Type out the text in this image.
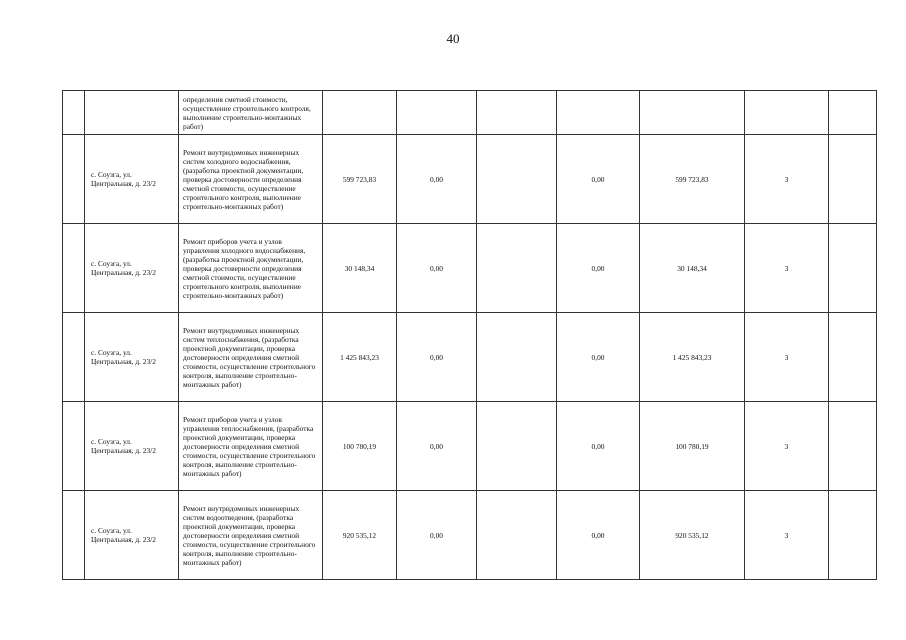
40
		определения сметной стоимости, осуществление строительного контроля, выполнение строительно-монтажных работ)							
	с. Соузга, ул. Центральная, д. 23/2	Ремонт внутридомовых инженерных систем холодного водоснабжения, (разработка проектной документации, проверка достоверности определения сметной стоимости, осуществление строительного контроля, выполнение строительно-монтажных работ)	599 723,83	0,00		0,00	599 723,83	3	
	с. Соузга, ул. Центральная, д. 23/2	Ремонт приборов учета и узлов управления холодного водоснабжения, (разработка проектной документации, проверка достоверности определения сметной стоимости, осуществление строительного контроля, выполнение строительно-монтажных работ)	30 148,34	0,00		0,00	30 148,34	3	
	с. Соузга, ул. Центральная, д. 23/2	Ремонт внутридомовых инженерных систем теплоснабжения, (разработка проектной документации, проверка достоверности определения сметной стоимости, осуществление строительного контроля, выполнение строительно-монтажных работ)	1 425 843,23	0,00		0,00	1 425 843,23	3	
	с. Соузга, ул. Центральная, д. 23/2	Ремонт приборов учета и узлов управления теплоснабжения, (разработка проектной документации, проверка достоверности определения сметной стоимости, осуществление строительного контроля, выполнение строительно-монтажных работ)	100 780,19	0,00		0,00	100 780,19	3	
	с. Соузга, ул. Центральная, д. 23/2	Ремонт внутридомовых инженерных систем водоотведения, (разработка проектной документации, проверка достоверности определения сметной стоимости, осуществление строительного контроля, выполнение строительно-монтажных работ)	920 535,12	0,00		0,00	920 535,12	3	
